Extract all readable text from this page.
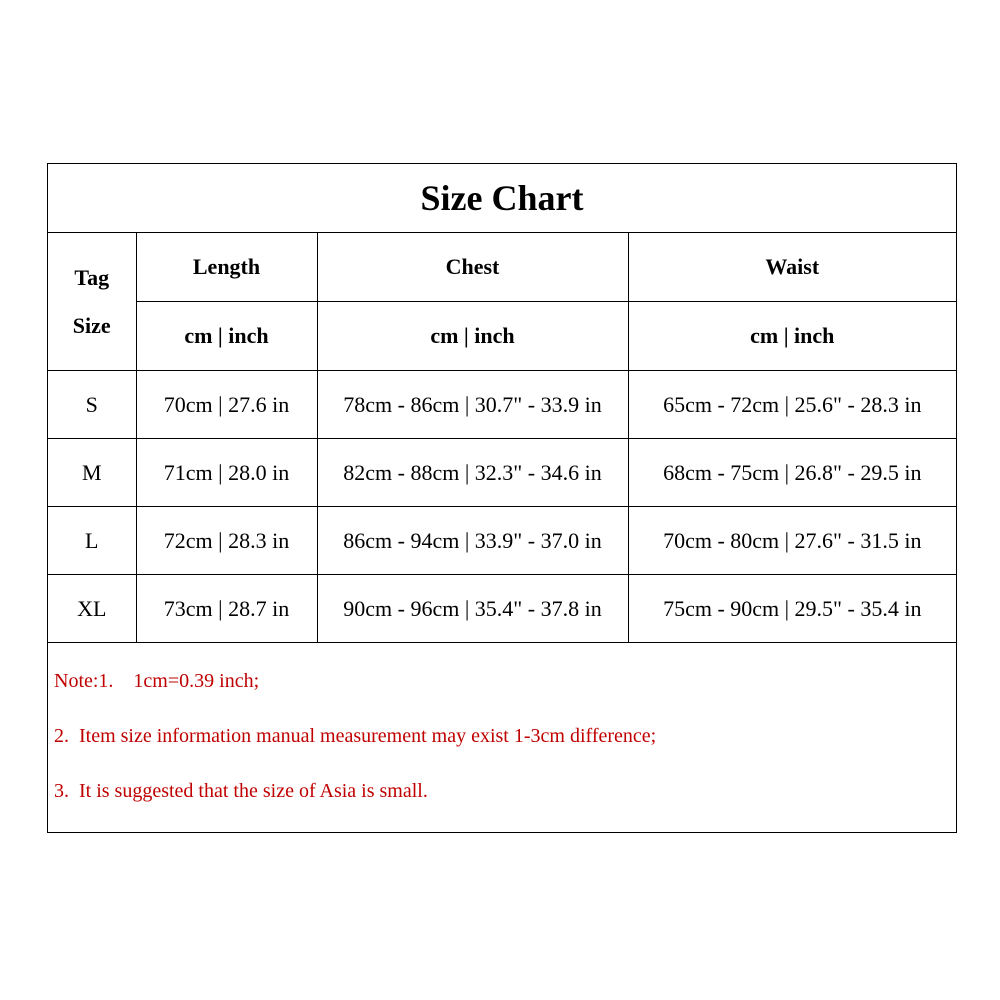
Size Chart			

Tag
Size	Length	Chest	Waist
	cm | inch	cm | inch	cm | inch
S	70cm | 27.6 in	78cm - 86cm | 30.7" - 33.9 in	65cm - 72cm | 25.6" - 28.3 in
M	71cm | 28.0 in	82cm - 88cm | 32.3" - 34.6 in	68cm - 75cm | 26.8" - 29.5 in
L	72cm | 28.3 in	86cm - 94cm | 33.9" - 37.0 in	70cm - 80cm | 27.6" - 31.5 in
XL	73cm | 28.7 in	90cm - 96cm | 35.4" - 37.8 in	75cm - 90cm | 29.5" - 35.4 in
Note:1.    1cm=0.39 inch;
2.  Item size information manual measurement may exist 1-3cm difference;
3.  It is suggested that the size of Asia is small.
